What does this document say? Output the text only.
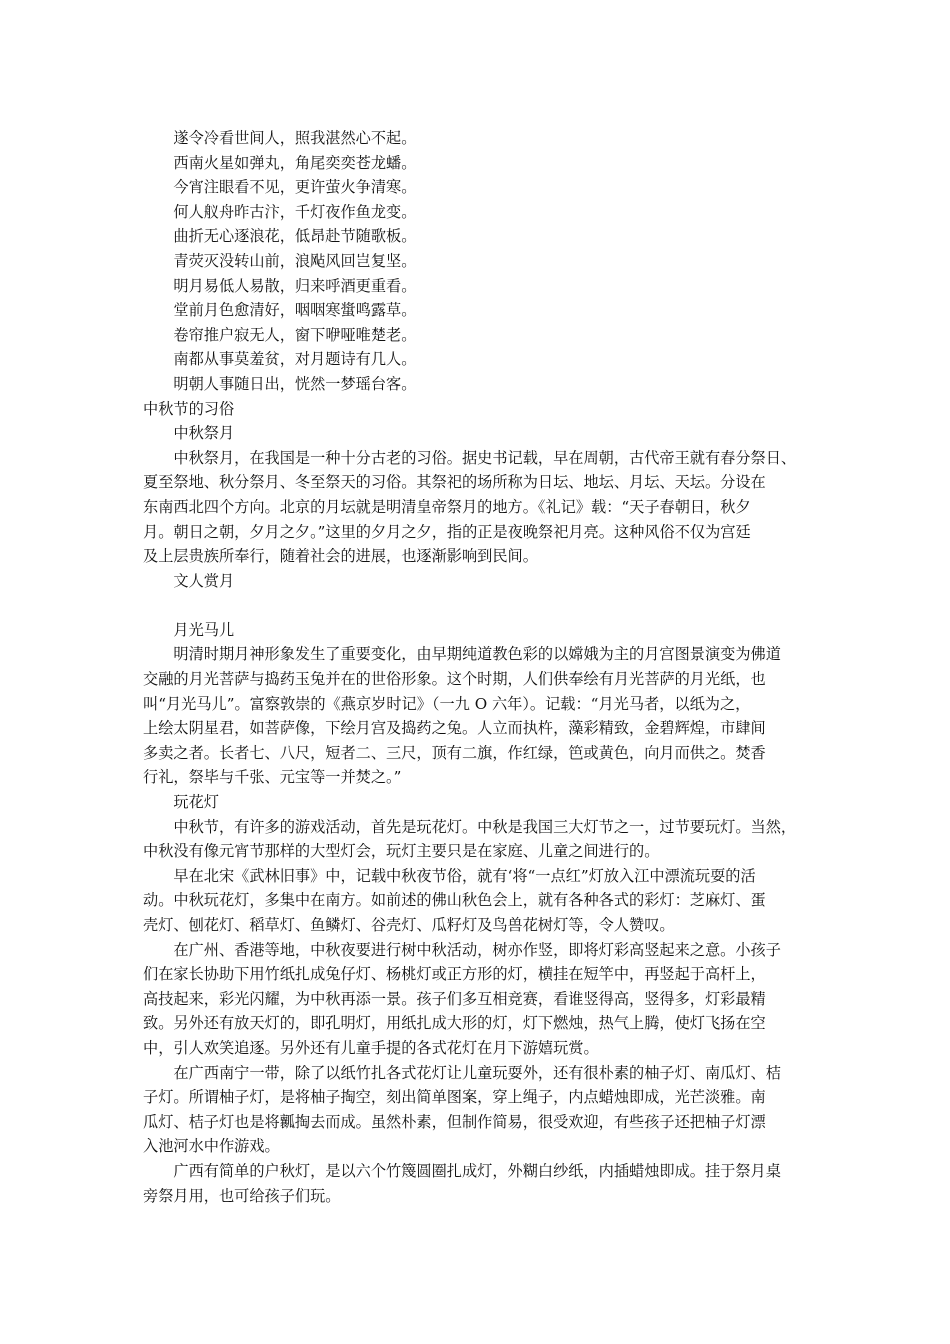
遂令冷看世间人，照我湛然心不起。

西南火星如弹丸，角尾奕奕苍龙蟠。

今宵注眼看不见，更许萤火争清寒。

何人舣舟昨古汴，千灯夜作鱼龙变。

曲折无心逐浪花，低昂赴节随歌板。

青荧灭没转山前，浪飐风回岂复坚。

明月易低人易散，归来呼酒更重看。

堂前月色愈清好，咽咽寒螀鸣露草。

卷帘推户寂无人，窗下咿哑唯楚老。

南都从事莫羞贫，对月题诗有几人。

明朝人事随日出，恍然一梦瑶台客。

中秋节的习俗

中秋祭月

中秋祭月，在我国是一种十分古老的习俗。据史书记载，早在周朝，古代帝王就有春分祭日、

夏至祭地、秋分祭月、冬至祭天的习俗。其祭祀的场所称为日坛、地坛、月坛、天坛。分设在

东南西北四个方向。北京的月坛就是明清皇帝祭月的地方。《礼记》载：“天子春朝日，秋夕

月。朝日之朝，夕月之夕。”这里的夕月之夕，指的正是夜晚祭祀月亮。这种风俗不仅为宫廷

及上层贵族所奉行，随着社会的进展，也逐渐影响到民间。

文人赏月

月光马儿

明清时期月神形象发生了重要变化，由早期纯道教色彩的以嫦娥为主的月宫图景演变为佛道

交融的月光菩萨与捣药玉兔并在的世俗形象。这个时期，人们供奉绘有月光菩萨的月光纸，也

叫“月光马儿”。富察敦崇的《燕京岁时记》（一九 O 六年）。记载：“月光马者，以纸为之，

上绘太阴星君，如菩萨像，下绘月宫及捣药之兔。人立而执杵，藻彩精致，金碧辉煌，市肆间

多卖之者。长者七、八尺，短者二、三尺，顶有二旗，作红绿，笆或黄色，向月而供之。焚香

行礼，祭毕与千张、元宝等一并焚之。”

玩花灯

中秋节，有许多的游戏活动，首先是玩花灯。中秋是我国三大灯节之一，过节要玩灯。当然，

中秋没有像元宵节那样的大型灯会，玩灯主要只是在家庭、儿童之间进行的。

早在北宋《武林旧事》中，记载中秋夜节俗，就有‘将“一点红”灯放入江中漂流玩耍的活

动。中秋玩花灯，多集中在南方。如前述的佛山秋色会上，就有各种各式的彩灯：芝麻灯、蛋

壳灯、刨花灯、稻草灯、鱼鳞灯、谷壳灯、瓜籽灯及鸟兽花树灯等，令人赞叹。

在广州、香港等地，中秋夜要进行树中秋活动，树亦作竖，即将灯彩高竖起来之意。小孩子

们在家长协助下用竹纸扎成兔仔灯、杨桃灯或正方形的灯，横挂在短竿中，再竖起于高杆上，

高技起来，彩光闪耀，为中秋再添一景。孩子们多互相竞赛，看谁竖得高，竖得多，灯彩最精

致。另外还有放天灯的，即孔明灯，用纸扎成大形的灯，灯下燃烛，热气上腾，使灯飞扬在空

中，引人欢笑追逐。另外还有儿童手提的各式花灯在月下游嬉玩赏。

在广西南宁一带，除了以纸竹扎各式花灯让儿童玩耍外，还有很朴素的柚子灯、南瓜灯、桔

子灯。所谓柚子灯，是将柚子掏空，刻出简单图案，穿上绳子，内点蜡烛即成，光芒淡雅。南

瓜灯、桔子灯也是将瓤掏去而成。虽然朴素，但制作简易，很受欢迎，有些孩子还把柚子灯漂

入池河水中作游戏。

广西有简单的户秋灯，是以六个竹篾圆圈扎成灯，外糊白纱纸，内插蜡烛即成。挂于祭月桌

旁祭月用，也可给孩子们玩。
